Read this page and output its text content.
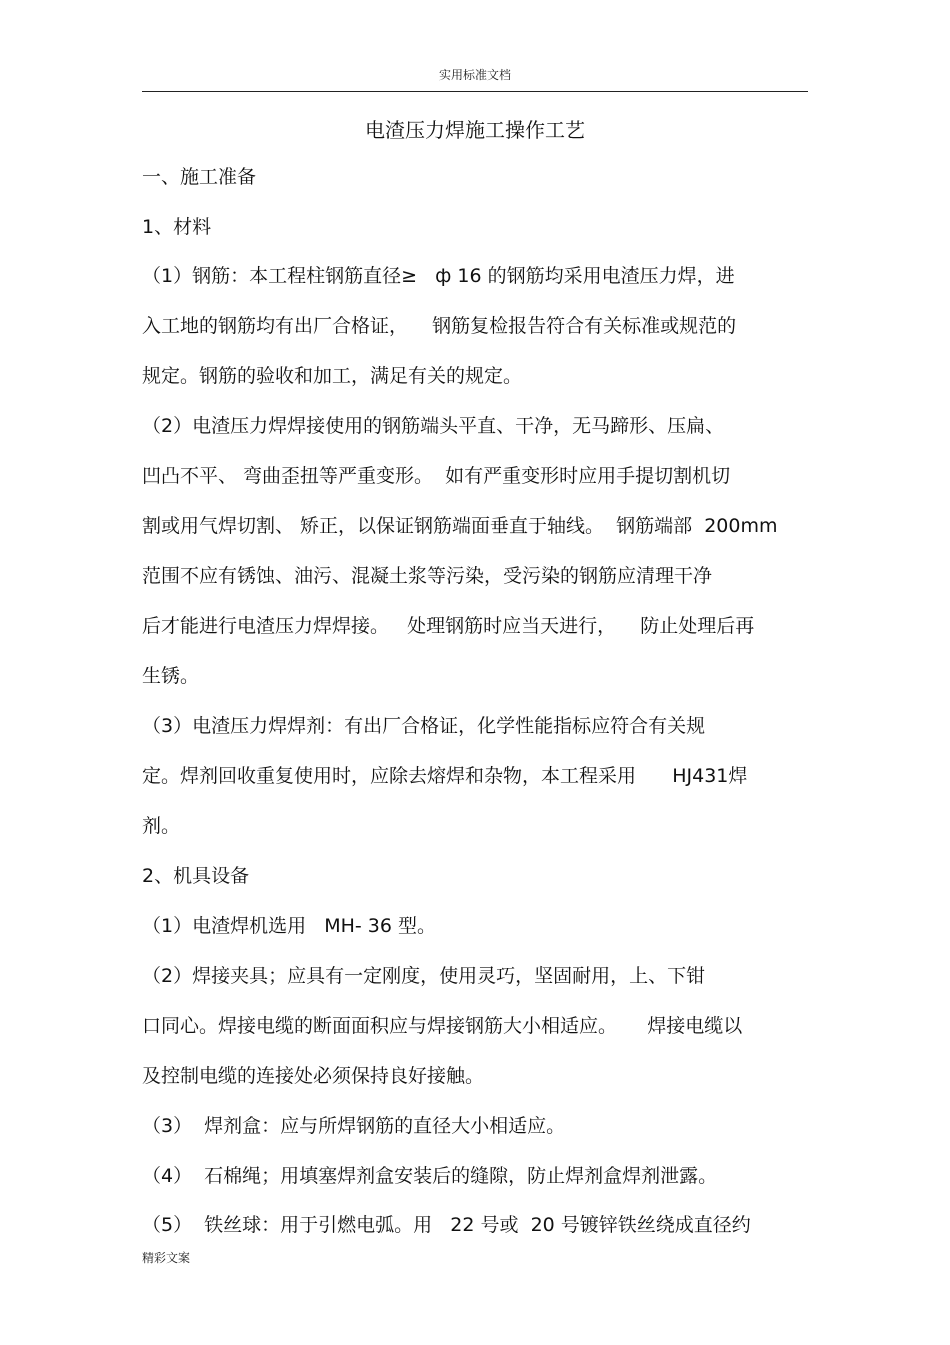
实用标准文档
电渣压力焊施工操作工艺
一、施工准备
1、材料
（1）钢筋：本工程柱钢筋直径≥   ф 16 的钢筋均采用电渣压力焊，进
入工地的钢筋均有出厂合格证，    钢筋复检报告符合有关标准或规范的
规定。钢筋的验收和加工，满足有关的规定。
（2）电渣压力焊焊接使用的钢筋端头平直、干净，无马蹄形、压扁、
凹凸不平、 弯曲歪扭等严重变形。  如有严重变形时应用手提切割机切
割或用气焊切割、 矫正，以保证钢筋端面垂直于轴线。  钢筋端部  200mm
范围不应有锈蚀、油污、混凝土浆等污染，受污染的钢筋应清理干净
后才能进行电渣压力焊焊接。   处理钢筋时应当天进行，    防止处理后再
生锈。
（3）电渣压力焊焊剂：有出厂合格证，化学性能指标应符合有关规
定。焊剂回收重复使用时，应除去熔焊和杂物，本工程采用      HJ431焊
剂。
2、机具设备
（1）电渣焊机选用   MH- 36 型。
（2）焊接夹具；应具有一定刚度，使用灵巧，坚固耐用，上、下钳
口同心。焊接电缆的断面面积应与焊接钢筋大小相适应。     焊接电缆以
及控制电缆的连接处必须保持良好接触。
（3）  焊剂盒：应与所焊钢筋的直径大小相适应。
（4）  石棉绳；用填塞焊剂盒安装后的缝隙，防止焊剂盒焊剂泄露。
（5）  铁丝球：用于引燃电弧。用   22 号或  20 号镀锌铁丝绕成直径约
精彩文案
